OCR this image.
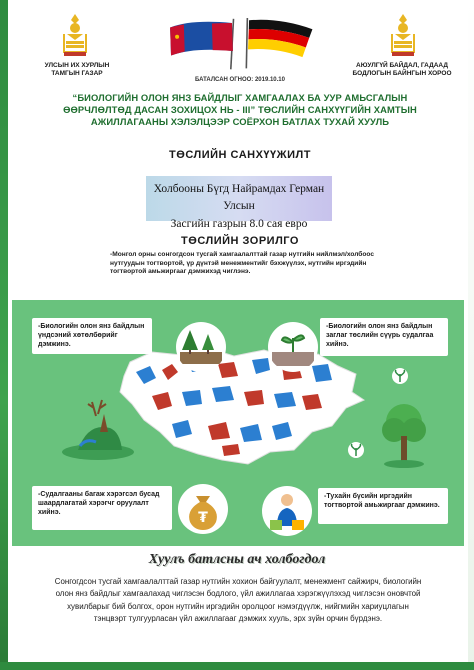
УЛСЫН ИХ ХУРЛЫН
ТАМГЫН ГАЗАР
БАТАЛСАН ОГНОО: 2019.10.10
АЮУЛГҮЙ БАЙДАЛ, ГАДААД
БОДЛОГЫН БАЙНГЫН ХОРОО
“БИОЛОГИЙН ОЛОН ЯНЗ БАЙДЛЫГ ХАМГААЛАХ БА УУР АМЬСГАЛЫН ӨӨРЧЛӨЛТӨД ДАСАН ЗОХИЦОХ НЬ - III” ТӨСЛИЙН САНХҮҮГИЙН ХАМТЫН АЖИЛЛАГААНЫ ХЭЛЭЛЦЭЭР СОЁРХОН БАТЛАХ ТУХАЙ ХУУЛЬ
ТӨСЛИЙН САНХҮҮЖИЛТ
Холбооны Бүгд Найрамдах Герман Улсын
Засгийн газрын 8.0 сая евро
ТӨСЛИЙН ЗОРИЛГО
-Монгол орны сонгогдсон тусгай хамгаалалттай газар нутгийн нийлмэл/холбоос нутгуудын тогтвортой, үр дүнтэй менежментийг бэхжүүлэх, нутгийн иргэдийн тогтвортой амьжиргааг дэмжихэд чиглэнэ.
-Биологийн олон янз байдлын үндсэний хөтөлбөрийг дэмжинэ.
-Биологийн олон янз байдлын заглаг төслийн сүүрь судалгаа хийнэ.
-Судалгааны багаж хэрэгсэл бусад шаардлагатай хэрэгчг оруулалт хийнэ.
-Тухайн бүсийн иргэдийн тогтвортой амьжиргааг дэмжинэ.
₮
Хуулъ батлсны ач холбогдол
Сонгогдсон тусгай хамгаалалттай газар нутгийн хохион байгуулалт, менежмент сайжирч, биологийн олон янз байдлыг хамгаалахад чиглэсэн бодлого, үйл ажиллагаа хэрэгжүүлэхэд чиглэсэн оновчтой хувилбарыг бий болгох, орон нутгийн иргэдийн оролцоог нэмэгдүүлж, нийгмийн хариуцлагын тэнцвэрт тулгуурласан үйл ажиллагааг дэмжих хууль, эрх зүйн орчин бүрдэнэ.
